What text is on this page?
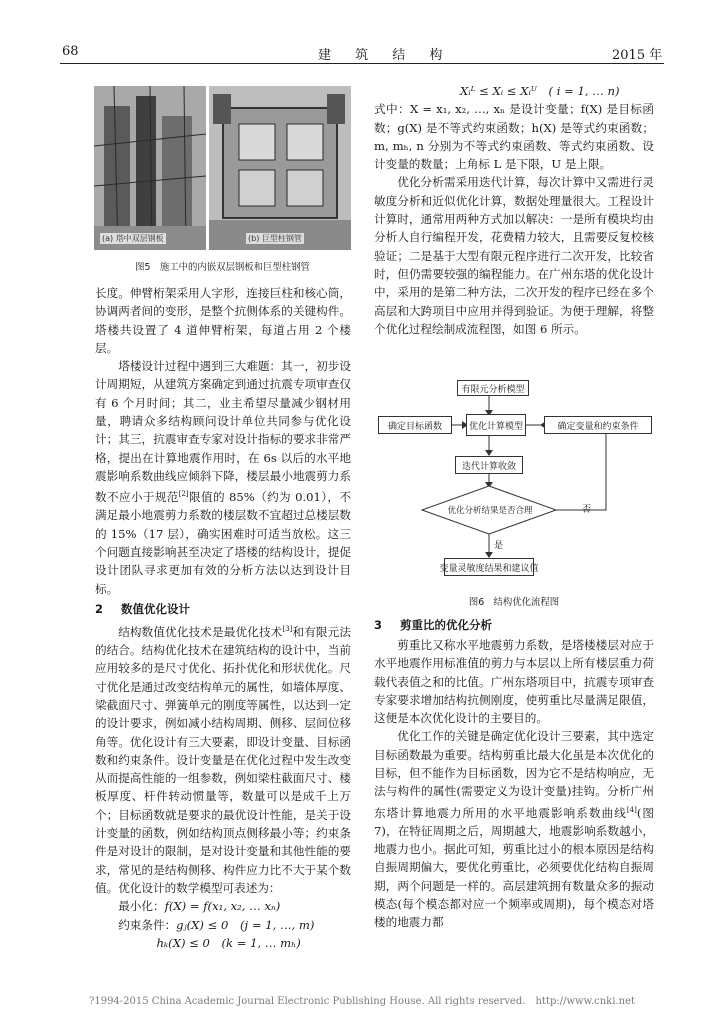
68	建 筑 结 构	2015 年
(a) 塔中双层钢板	(b) 巨型柱钢管
图5　施工中的内嵌双层钢板和巨型柱钢管

长度。伸臂桁架采用人字形，连接巨柱和核心筒，协调两者间的变形，是整个抗侧体系的关键构件。塔楼共设置了 4 道伸臂桁架，每道占用 2 个楼层。

塔楼设计过程中遇到三大难题：其一，初步设计周期短，从建筑方案确定到通过抗震专项审查仅有 6 个月时间；其二，业主希望尽量减少钢材用量，聘请众多结构顾问设计单位共同参与优化设计；其三，抗震审查专家对设计指标的要求非常严格，提出在计算地震作用时，在 6s 以后的水平地震影响系数曲线应倾斜下降，楼层最小地震剪力系数不应小于规范[2]限值的 85%（约为 0.01），不满足最小地震剪力系数的楼层数不宜超过总楼层数的 15%（17 层），确实困难时可适当放松。这三个问题直接影响甚至决定了塔楼的结构设计，提促设计团队寻求更加有效的分析方法以达到设计目标。

2 数值优化设计

结构数值优化技术是最优化技术[3]和有限元法的结合。结构优化技术在建筑结构的设计中，当前应用较多的是尺寸优化、拓扑优化和形状优化。尺寸优化是通过改变结构单元的属性，如墙体厚度、梁截面尺寸、弹簧单元的刚度等属性，以达到一定的设计要求，例如减小结构周期、侧移、层间位移角等。优化设计有三大要素，即设计变量、目标函数和约束条件。设计变量是在优化过程中发生改变从而提高性能的一组参数，例如梁柱截面尺寸、楼板厚度、杆件转动惯量等，数量可以是成千上万个；目标函数就是要求的最优设计性能，是关于设计变量的函数，例如结构顶点侧移最小等；约束条件是对设计的限制，是对设计变量和其他性能的要求，常见的是结构侧移、构件应力比不大于某个数值。优化设计的数学模型可表述为：

最小化：f(X) = f(x₁, x₂, … xₙ)
约束条件：gⱼ(X) ≤ 0　(j = 1, …, m)
hₖ(X) ≤ 0　(k = 1, … mₕ)
Xᵢᴸ ≤ Xᵢ ≤ Xᵢᵁ　( i = 1, … n)

式中：X = x₁, x₂, …, xₙ 是设计变量；f(X) 是目标函数；g(X) 是不等式约束函数；h(X) 是等式约束函数；m, mₕ, n 分别为不等式约束函数、等式约束函数、设计变量的数量；上角标 L 是下限，U 是上限。

优化分析需采用迭代计算，每次计算中又需进行灵敏度分析和近似优化计算，数据处理量很大。工程设计计算时，通常用两种方式加以解决：一是所有模块均由分析人自行编程开发，花费精力较大，且需要反复校核验证；二是基于大型有限元程序进行二次开发，比较省时，但仍需要较强的编程能力。在广州东塔的优化设计中，采用的是第二种方法，二次开发的程序已经在多个高层和大跨项目中应用并得到验证。为便于理解，将整个优化过程绘制成流程图，如图 6 所示。

有限元分析模型
确定目标函数	优化计算模型	确定变量和约束条件
迭代计算收敛
优化分析结果是否合理	否
是
变量灵敏度结果和建议值
图6　结构优化流程图
3 剪重比的优化分析

剪重比又称水平地震剪力系数，是塔楼楼层对应于水平地震作用标准值的剪力与本层以上所有楼层重力荷载代表值之和的比值。广州东塔项目中，抗震专项审查专家要求增加结构抗侧刚度，使剪重比尽量满足限值，这便是本次优化设计的主要目的。

优化工作的关键是确定优化设计三要素，其中选定目标函数最为重要。结构剪重比最大化虽是本次优化的目标，但不能作为目标函数，因为它不是结构响应，无法与构件的属性(需要定义为设计变量)挂钩。分析广州东塔计算地震力所用的水平地震影响系数曲线[4](图 7)，在特征周期之后，周期越大，地震影响系数越小，地震力也小。据此可知，剪重比过小的根本原因是结构自振周期偏大，要优化剪重比，必须要优化结构自振周期，两个问题是一样的。高层建筑拥有数量众多的振动模态(每个模态都对应一个频率或周期)，每个模态对塔楼的地震力都

?1994-2015 China Academic Journal Electronic Publishing House. All rights reserved.　http://www.cnki.net
